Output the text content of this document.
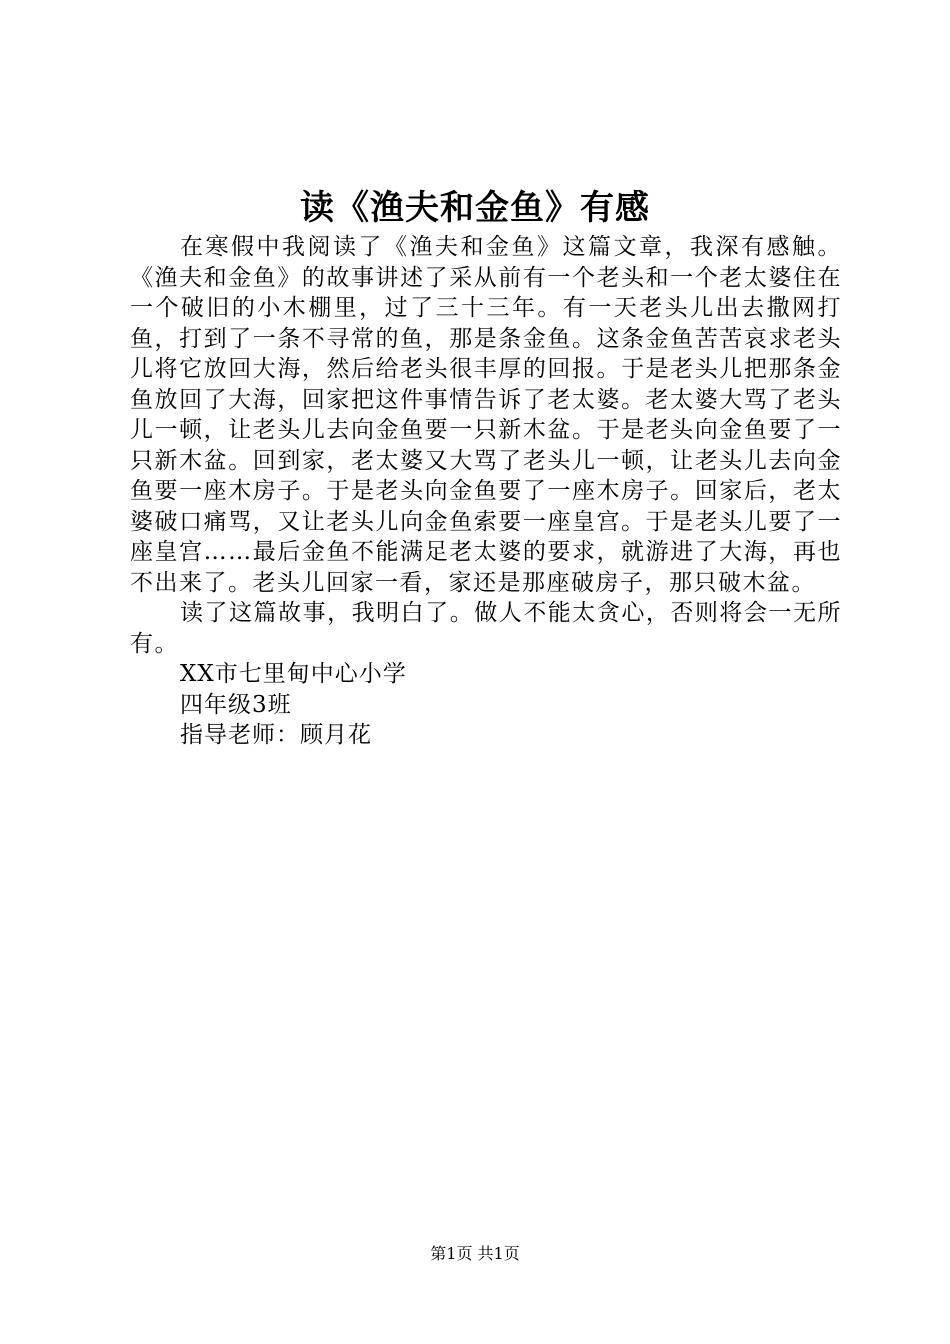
读《渔夫和金鱼》有感

在寒假中我阅读了《渔夫和金鱼》这篇文章，我深有感触。《渔夫和金鱼》的故事讲述了采从前有一个老头和一个老太婆住在一个破旧的小木棚里，过了三十三年。有一天老头儿出去撒网打鱼，打到了一条不寻常的鱼，那是条金鱼。这条金鱼苦苦哀求老头儿将它放回大海，然后给老头很丰厚的回报。于是老头儿把那条金鱼放回了大海，回家把这件事情告诉了老太婆。老太婆大骂了老头儿一顿，让老头儿去向金鱼要一只新木盆。于是老头向金鱼要了一只新木盆。回到家，老太婆又大骂了老头儿一顿，让老头儿去向金鱼要一座木房子。于是老头向金鱼要了一座木房子。回家后，老太婆破口痛骂，又让老头儿向金鱼索要一座皇宫。于是老头儿要了一座皇宫……最后金鱼不能满足老太婆的要求，就游进了大海，再也不出来了。老头儿回家一看，家还是那座破房子，那只破木盆。

读了这篇故事，我明白了。做人不能太贪心，否则将会一无所有。

XX市七里甸中心小学

四年级3班

指导老师：顾月花

第1页 共1页
